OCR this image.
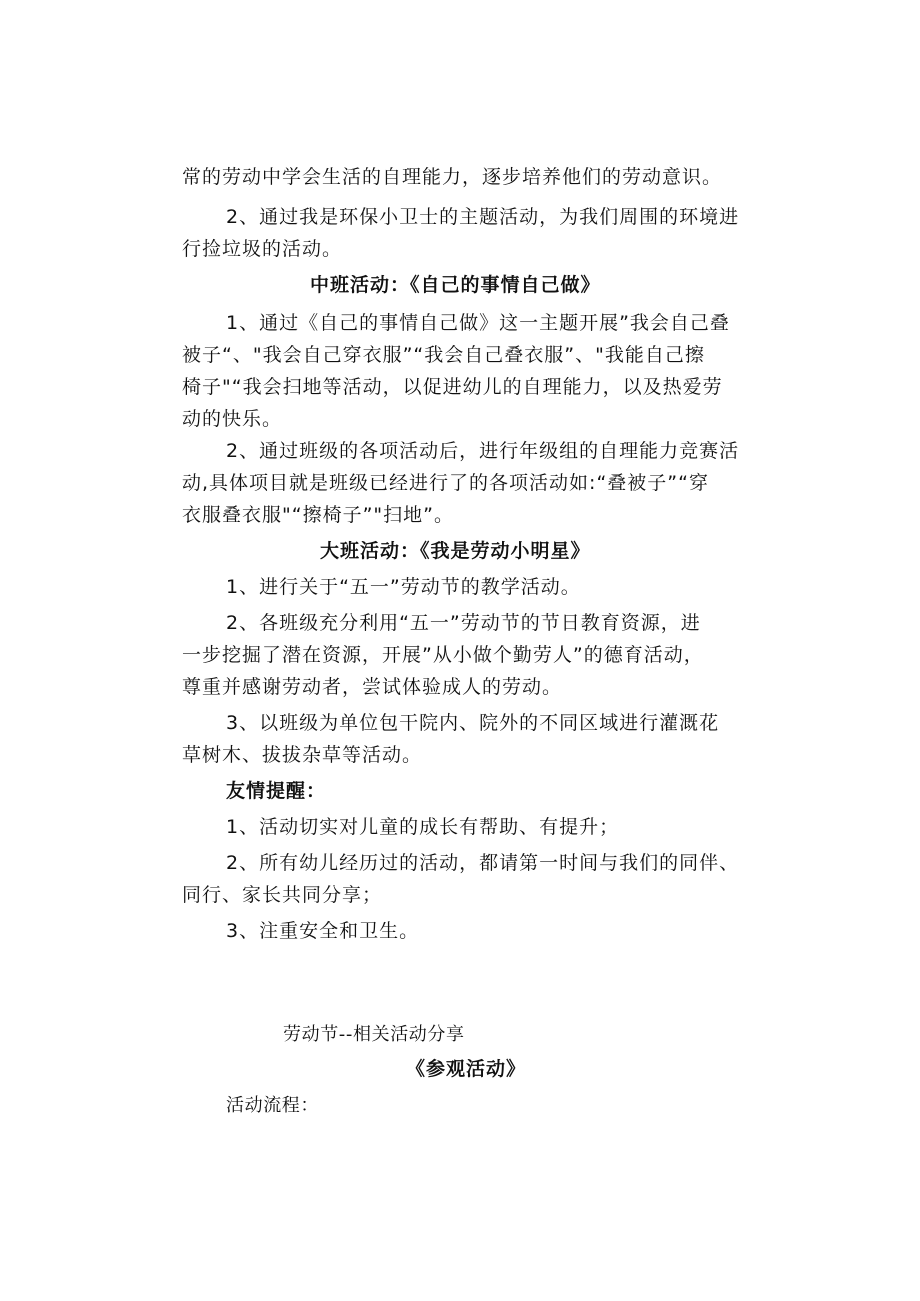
常的劳动中学会生活的自理能力，逐步培养他们的劳动意识。
2、通过我是环保小卫士的主题活动，为我们周围的环境进
行捡垃圾的活动。
中班活动：《自己的事情自己做》
1、通过《自己的事情自己做》这一主题开展”我会自己叠
被子“、"我会自己穿衣服”“我会自己叠衣服”、"我能自己擦
椅子"“我会扫地等活动，以促进幼儿的自理能力，以及热爱劳
动的快乐。
2、通过班级的各项活动后，进行年级组的自理能力竞赛活
动,具体项目就是班级已经进行了的各项活动如:“叠被子”“穿
衣服叠衣服"“擦椅子”"扫地”。
大班活动：《我是劳动小明星》
1、进行关于“五一”劳动节的教学活动。
2、各班级充分利用“五一”劳动节的节日教育资源，进
一步挖掘了潜在资源，开展”从小做个勤劳人”的德育活动，
尊重并感谢劳动者，尝试体验成人的劳动。
3、以班级为单位包干院内、院外的不同区域进行灌溉花
草树木、拔拔杂草等活动。
友情提醒：
1、活动切实对儿童的成长有帮助、有提升；
2、所有幼儿经历过的活动，都请第一时间与我们的同伴、
同行、家长共同分享；
3、注重安全和卫生。
劳动节--相关活动分享
《参观活动》
活动流程：
